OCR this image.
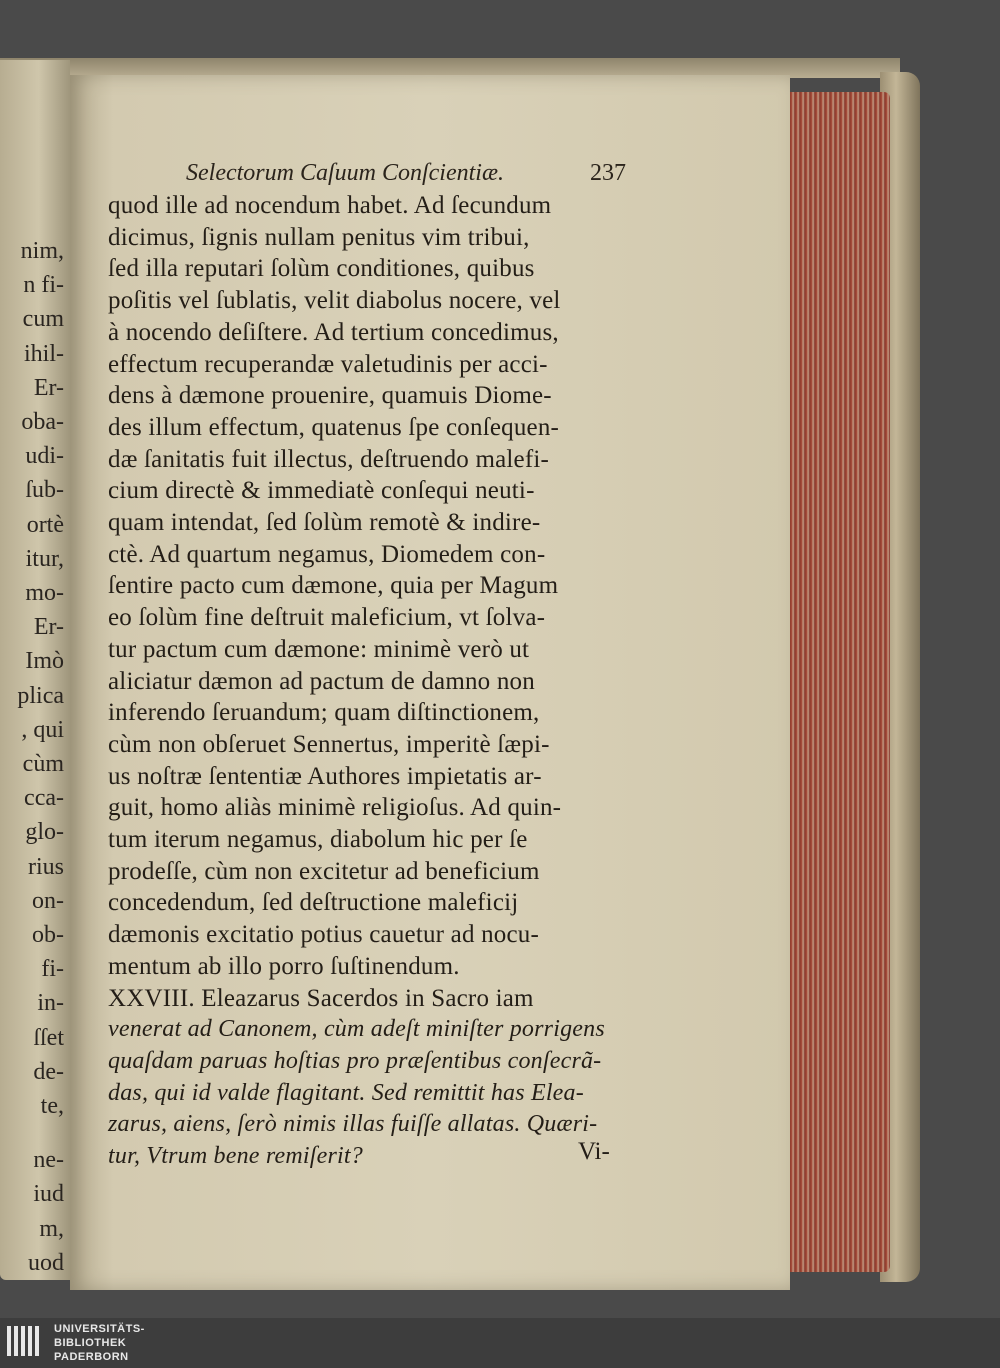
nim,
n fi-
cum
ihil-
Er-
oba-
udi-
ſub-
ortè
itur,
mo-
Er-
Imò
plica
, qui
cùm
cca-
glo-
rius
on-
ob-
fi-
in-
ſſet
de-
te,
ne-
iud
m,
uod
Selectorum Caſuum Conſcientiæ.	237
quod ille ad nocendum habet. Ad ſecundum
dicimus, ſignis nullam penitus vim tribui,
ſed illa reputari ſolùm conditiones, quibus
poſitis vel ſublatis, velit diabolus nocere, vel
à nocendo deſiſtere. Ad tertium concedimus,
effectum recuperandæ valetudinis per acci-
dens à dæmone prouenire, quamuis Diome-
des illum effectum, quatenus ſpe conſequen-
dæ ſanitatis fuit illectus, deſtruendo malefi-
cium directè & immediatè conſequi neuti-
quam intendat, ſed ſolùm remotè & indire-
ctè. Ad quartum negamus, Diomedem con-
ſentire pacto cum dæmone, quia per Magum
eo ſolùm fine deſtruit maleficium, vt ſolva-
tur pactum cum dæmone: minimè verò ut
aliciatur dæmon ad pactum de damno non
inferendo ſeruandum; quam diſtinctionem,
cùm non obſeruet Sennertus, imperitè ſæpi-
us noſtræ ſententiæ Authores impietatis ar-
guit, homo aliàs minimè religioſus. Ad quin-
tum iterum negamus, diabolum hic per ſe
prodeſſe, cùm non excitetur ad beneficium
concedendum, ſed deſtructione maleficij
dæmonis excitatio potius cauetur ad nocu-
mentum ab illo porro ſuſtinendum.
XXVIII. Eleazarus Sacerdos in Sacro iam
venerat ad Canonem, cùm adeſt miniſter porrigens
quaſdam paruas hoſtias pro præſentibus conſecrã-
das, qui id valde flagitant. Sed remittit has Elea-
zarus, aiens, ſerò nimis illas fuiſſe allatas. Quæri-
tur, Vtrum bene remiſerit?	Vi-
UNIVERSITÄTS-
BIBLIOTHEK
PADERBORN
